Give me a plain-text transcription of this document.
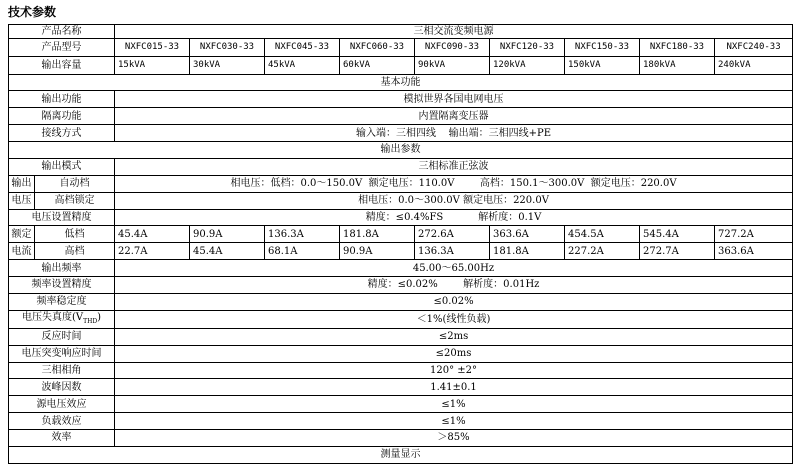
技术参数
产品名称		三相交流变频电源								
产品型号		NXFC015-33	NXFC030-33	NXFC045-33	NXFC060-33	NXFC090-33	NXFC120-33	NXFC150-33	NXFC180-33	NXFC240-33
输出容量		15kVA	30kVA	45kVA	60kVA	90kVA	120kVA	150kVA	180kVA	240kVA
基本功能										
输出功能		模拟世界各国电网电压								
隔离功能		内置隔离变压器								
接线方式		输入端：三相四线    输出端：三相四线+PE								
输出参数										
输出模式		三相标准正弦波								
输出	自动档	相电压：低档：0.0～150.0V  额定电压：110.0V        高档：150.1～300.0V  额定电压：220.0V								
电压	高档锁定	相电压：0.0～300.0V 额定电压：220.0V								
电压设置精度		精度：≤0.4%FS           解析度：0.1V								
额定	低档	45.4A	90.9A	136.3A	181.8A	272.6A	363.6A	454.5A	545.4A	727.2A
电流	高档	22.7A	45.4A	68.1A	90.9A	136.3A	181.8A	227.2A	272.7A	363.6A
输出频率		45.00～65.00Hz								
频率设置精度		精度：≤0.02%        解析度：0.01Hz								
频率稳定度		≤0.02%								
电压失真度$(V_{THD})$		＜1%(线性负载)								
反应时间		≤2ms								
电压突变响应时间		≤20ms								
三相相角		120° ±2°								
波峰因数		1.41±0.1								
源电压效应		≤1%								
负载效应		≤1%								
效率		＞85%								
测量显示										
